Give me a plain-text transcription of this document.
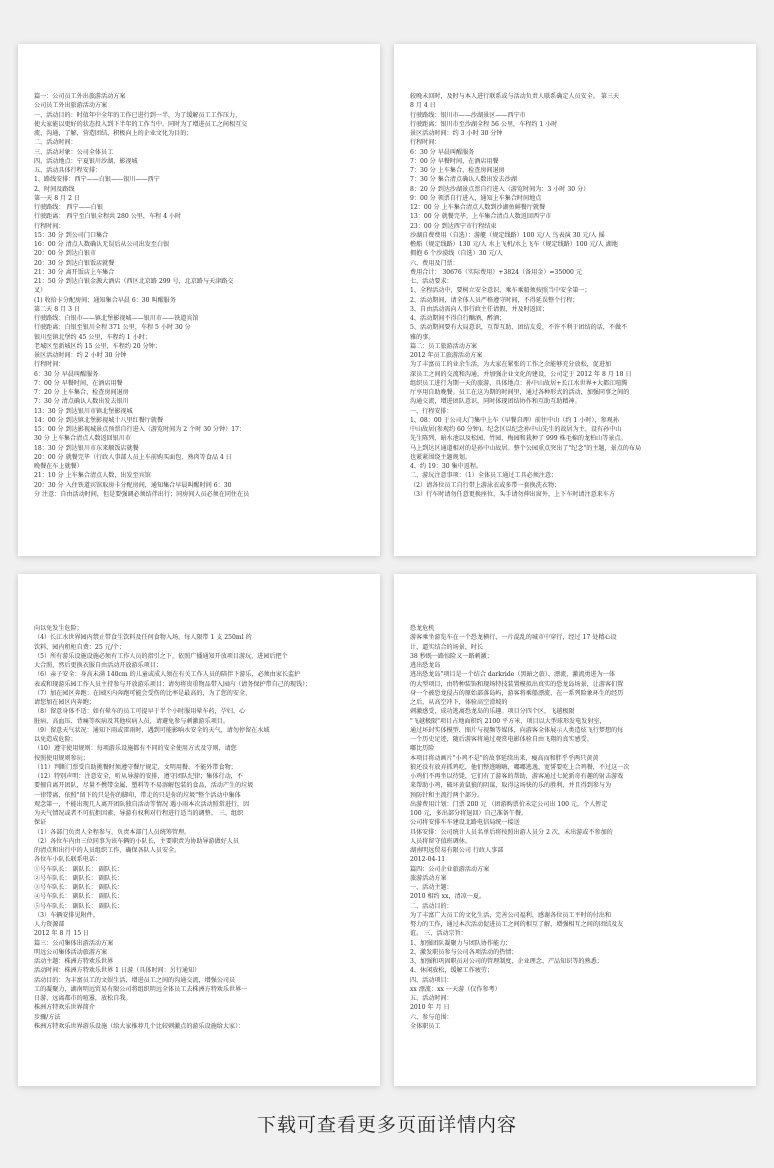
篇一：公司员工外出旅游活动方案
公司员工外出旅游活动方案
一、活动目的：时值年中全年的工作已进行到一半，为了缓解员工工作压力，
使大家能以更好的状态投入到下半年的工作当中，同时为了增进员工之间相互交
流、沟通，了解，营造团结、积极向上的企业文化为目的；
二、活动时间：
三、活动对象：公司全体员工
四、活动地点：宁夏银川沙湖、影视城
五、活动具体行程安排：
1、路线安排：西宁——白银——银川——西宁
2、时间及路线
第一天 8 月 2 日
行驶路线： 西宁——白银
行驶距离： 西宁至白银全程共 280 公里，车程 4 小时
行程时间：
15：30 分 到公司门口集合
16：00 分 清点人数确认无误后从公司出发至白银
20：00 分 到达白银市
20：30 分 到达白银饭店就餐
21：30 分 离开饭店上车集合
21：50 分 到达白银金源大酒店（西区北京路 299 号，北京路与天津路交
叉）
(1) 收拾卡分配房间；通知集合早晨 6：30 叫醒服务
第二天 8 月 3 日
行驶路线：白银市——镇北堡影视城——银川市——铁道宾馆
行驶距离：白银至银川全程 371 公里，车程 5 小时 30 分
银川至镇北堡约 45 公里，车程约 1 小时；
老城区至新城区约 15 公里，车程约 20 分钟；
景区活动时间：约 2 小时 30 分钟
行程时间：
6：30 分 早晨叫醒服务
7：00 分 早餐时间，在酒店用餐
7：20 分 上车集合，检查房间退房
7：30 分 清点确认人数出发去银川
13：30 分 到达银川市镇北堡影视城
14：00 分 到达镇北堡影视城十八里红餐厅就餐
15：00 分 到达影视城景点预票自行进入（游览时间为 2 个时 30 分钟）17：
30 分 上车集合清点人数返回银川市
18：30 分 到达银川市东来顺饭店就餐
20：00 分 就餐完毕（行政人事部人员上车前购买面包、熟肉等食品 4 日
晚餐在车上就餐）
21：10 分 上车集合清点人数，出发至宾馆
20：30 分 入住铁道宾馆取房卡分配房间，通知集合早晨叫醒时间 6：30
分 注意：自由活动时间，但是要强调必须结伴出行；同房间人员必须在同住在员
较晚未回时，及时与本人进行联系或与活动负责人联系确定人员安全。 第三天
8 月 4 日
行驶路线：银川市——沙湖景区——西宁市
行驶距离：银川市至沙湖全程 56 公里，车程约 1 小时
景区活动时间：约 3 小时 30 分钟
行程时间：
6：30 分 早晨叫醒服务
7：00 分 早餐时间，在酒店用餐
7：30 分 上车集合，检查房间退房
7：30 分 集合清点确认人数出发去沙湖
8：20 分 到达沙湖景点票自行进入（游览时间为：3 小时 30 分）
9：00 分 领票自行进入，通知上车集合时间地点
12：00 分 上车集合清点人数到沙湖鱼鲜餐厅就餐
13：00 分 就餐完毕，上车集合清点人数返回西宁市
23：00 分 到达西宁市行程结束
沙湖自费费用（自选）：游艇（规定线路）100 元/人 鸟表演 30 元/人 摇
橹船（规定线路）130 元/人 水上飞机/水上飞车（规定线路）100 元/人 湖地
拥抱 6 个沙漠线（自选）30 元/人
六、费用及门票：
费用合计： 30676（实际费用）+3824（备用金）=35000 元
七、活动要求：
1、全程活动中，要树立安全意识，乘车乘船须按照当中安全第一；
2、活动期间，请全体人员严格遵守时间，不得延误整个行程；
3、自由活动需向人事行政主任请假，并及时返回；
4、活动期间不得自行酗酒、醉酒；
5、活动期间要有大局意识，互帮互助、团结友爱，不许不利于团结的话，不做不
雅的事。
篇二：员工旅游活动方案
2012 年员工旅游活动方案
为了丰富员工的业余生活，为大家在紧张的工作之余能够充分放松，促进加
深员工之间的交流和沟通，并加强企业文化的建设，公司定于 2012 年 8 月 18 日
组织员工进行为期一天的旅游，具体地点：孙中山故居+长江水世界+大都江喧腾
厅享用自助晚餐。员工在这为期的时间里，通过各种形式的活动，加强同事之间的
沟通交流，增进团队意识，同时体现团结协作和互助互助精神。
一、行程安排：
1、08：00 于公司大门集中上车（早餐自理）前往中山（约 1 小时），参观孙
中山故居(参观约 60 分钟)。纪念区以纪念孙中山先生的故居为主，设有孙中山
先生陈列、暗水池以及松园、竹园、梅园和栽种了 999 株毛棉的龙柏山等景点。
马上到达区通道相对的是孙中山故居。整个公园重点突出了"纪念"的主题，景点的布局
也紧紧围绕主题规划。
4、约 19：30 集中返程。
二、游玩注意事项：（1）全体员工通过工具必须注意；
（2）请各位员工自行带上游泳衣或多带一套换洗衣物；
（3）行车时请勿任意更换座位，头手请勿伸出窗外，上下车时请注意来车方
向以免发生危险；
（4）长江水世界园内禁止带食生饮料及任何食物入场，每人限带 1 支 250ml 的
饮料，园内租柜自费：25 元/个；
（5）所有游乐设施设施必须有工作人员的指引之下，依照广播通知开放项目游玩，进园后把个
大合照，然后更换衣服自由活动开放游乐项目；
（6）亲子安全：身高未满 140cm 的儿童或成人须在有关工作人员的陪伴下游乐，必须由家长监护
表或和现游乐园工作人员主持参与开放游乐项目；请勿将贵重物品带入园内（请务保护带自己的现钱）；
（7）加在园区奔跑：在园区内奔跑可能会受伤的比率是最高的，为了您的安全，
请您加在园区内奔跑；
（8）留意身体不适：如有晕车的员工可提早于半个小时服用晕车药，孕妇、心
脏病、高血压、背痛等疾病及其他疾病人员，请避免参与刺激游乐项目。
（9）留意天气状况：通知下雨或雷雨时，遇到可能影响水安全的天气，请勿停留在水域
以免造成危险；
（10）遵守使用规则：每项游乐设施都有不同的安全使用方式及守则，请您
按照使用规则参玩；
（11）判断门票受自助挑餐时须遵守餐厅规定，文明用餐，不能外带食物；
（12）特别声明：注意安全，听从导游的安排，遵守团队纪律；集体行动，不
要擅自离开团队，尽量不携带金属、塑料等不易溶解包装的食品，活动产生的垃圾
一律带离，依照"留下的只是你的脚印，带走的只是你的垃圾"整个活动中集体
观念第一，不能出现几人离开团队独自活动等情况 遇小雨本次活动照常进行，因
为天气情况或者不可抗拒因素，导游有权利对行程进行适当的调整。 三、组织
保证
（1）各部门负责人全程参与，负责本部门人员统筹管理。
（2）各位车内由三位同事为该车辆的小队长，主要职责为协助导游做好人员
的清点和出行中的人员组织工作，确保各队人员安全。
各位车小队长联系电话：
①号车队长： 副队长： 副队长：
②号车队长： 副队长： 副队长：
③号车队长： 副队长： 副队长：
④号车队长： 副队长： 副队长：
⑤号车队长： 副队长： 副队长：
（3）车辆安排见附件。
人力资源部
2012 年 8 月 15 日
篇三：公司集体出游活动方案
明远公司集体活动旅游方案
活动主题：株洲方特欢乐世界
活动时间：株洲方特欢乐世界 1 日游（具体时间：另行通知）
活动目的：为丰富员工的文娱生活，增进员工之间的沟通交流，增强公司员
工的凝聚力，湖南明远贸易有限公司将组织明远全体员工去株洲方特欢乐世界一
日游，远离都市的喧嚣，放松自我。
株洲方特欢乐世界简介
步骤/方法
株洲方特欢乐世界游乐设施（给大家推荐几个比较刺激点的游乐设施给大家）：
恐龙危机
游客乘坐游览车在一个恐龙横行、一片混乱的城市中穿行，经过 17 处精心设
计、逼实结合的场景，时长
38 秒既一路惊险又一路刺激；
逃出恐龙岛
逃出恐龙岛"项目是一个结合 darkride（黑暗之旅）、漂流、激流勇进为一体
的大型项目，由特种装饰和现场特技装置模拟出真实的恐龙岛场景，让游客们置
身一个被恐龙侵占的原始部落岛屿，游客将乘船漂流，在一系列险象环生的经历
之后，从高空冲下，体验高空滑坡的
刺激感受，成功逃离恐龙岛的乐趣。项目分四个区，飞越极限
"飞越极限"项目占地面积约 2100 平方米，项目以大型球形发电发射室，
通过坏封实体模型、图片与视频等媒体，向游客全体展示人类造炫飞行梦想的每
一个历史足迹，随后游客将通过观赏电影体验自由飞翔的真实感受。
嘟比历险
本项目将动画片"小鸡不是"的故事延续出来，瘦高而和胖乎乎两只黄黄
狼还没有放弃抓鸡吃，他们整逃嗨嗨，嘟嘟逃逸，宽誓要吃上合鸡餐，不过这一次
小鸡们不再坐以待毙，它们有了游客的帮助，游客通过七轮新奇有趣的射击游戏
来帮助小鸡，破坏黄鼠狼的阴谋，取得这场快的乐的胜利，并且得到参与为
预防针和主流行两个部分。
出游费用计划：门票 200 元 （团游购票价未定公司出 100 元，个人暂定
100 元，多出部分将退回）自己准备午餐。
公司将安排车车建设北路电信局统一接送
具体安排：公司统计人员名单后将按照出游人员分 2 次，未出游或不参加的
人员将留守值班调休。
湖南明远贸易有限公司 行政人事部
2012-04-11
篇四：公司企业旅游活动方案
旅游活动方案
一、活动主题：
2010 相约 xx，清凉一夏。
二、活动目的：
为了丰富广大员工的文化生活，完善公司福利，感谢各位员工平时的付出和
努力的工作，通过本次活动促进员工之间的相互了解，增强相互之间的团结及友
谊。 三、活动宗旨：
1、加强团队凝聚力与团队协作能力；
2、激发职员参与公司各项活动的热情；
3、加强和巩固职员对公司的管理制度、企业理念、产品知识等的熟悉；
4、休闲放松，缓解工作疲劳；
四、活动项目：
xx 漂流：xx 一天游（仅作参考）
五、活动时间：
2010 年 月 日
六、参与范围：
全体职员工
下载可查看更多页面详情内容
